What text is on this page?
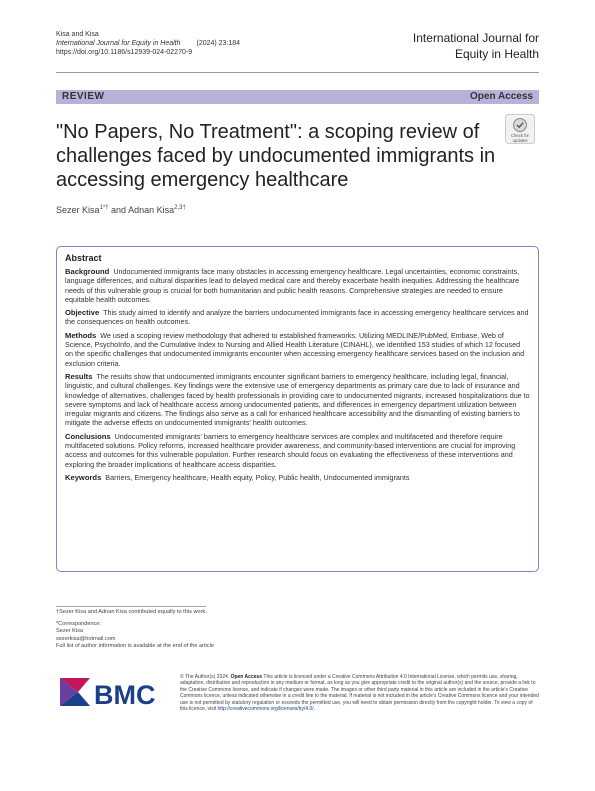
Kisa and Kisa
International Journal for Equity in Health (2024) 23:184
https://doi.org/10.1186/s12939-024-02270-9
International Journal for
Equity in Health
REVIEW	Open Access
"No Papers, No Treatment": a scoping review of challenges faced by undocumented immigrants in accessing emergency healthcare
Check for
updates
Sezer Kisa$^{1*\dagger}$ and Adnan Kisa$^{2,3\dagger}$
Abstract

Background Undocumented immigrants face many obstacles in accessing emergency healthcare. Legal uncertainties, economic constraints, language differences, and cultural disparities lead to delayed medical care and thereby exacerbate health inequities. Addressing the healthcare needs of this vulnerable group is crucial for both humanitarian and public health reasons. Comprehensive strategies are needed to ensure equitable health outcomes.

Objective This study aimed to identify and analyze the barriers undocumented immigrants face in accessing emergency healthcare services and the consequences on health outcomes.

Methods We used a scoping review methodology that adhered to established frameworks. Utilizing MEDLINE/PubMed, Embase, Web of Science, PsychoInfo, and the Cumulative Index to Nursing and Allied Health Literature (CINAHL), we identified 153 studies of which 12 focused on the specific challenges that undocumented immigrants encounter when accessing emergency healthcare services based on the inclusion and exclusion criteria.

Results The results show that undocumented immigrants encounter significant barriers to emergency healthcare, including legal, financial, linguistic, and cultural challenges. Key findings were the extensive use of emergency departments as primary care due to lack of insurance and knowledge of alternatives, challenges faced by health professionals in providing care to undocumented migrants, increased hospitalizations due to severe symptoms and lack of healthcare access among undocumented patients, and differences in emergency department utilization between irregular migrants and citizens. The findings also serve as a call for enhanced healthcare accessibility and the dismantling of existing barriers to mitigate the adverse effects on undocumented immigrants' health outcomes.

Conclusions Undocumented immigrants' barriers to emergency healthcare services are complex and multifaceted and therefore require multifaceted solutions. Policy reforms, increased healthcare provider awareness, and community-based interventions are crucial for improving access and outcomes for this vulnerable population. Further research should focus on evaluating the effectiveness of these interventions and exploring the broader implications of healthcare access disparities.

Keywords Barriers, Emergency healthcare, Health equity, Policy, Public health, Undocumented immigrants

†Sezer Kisa and Adnan Kisa contributed equally to this work.
*Correspondence:
Sezer Kisa
sezerkisa@hotmail.com
Full list of author information is available at the end of the article
BMC
© The Author(s) 2024. Open Access This article is licensed under a Creative Commons Attribution 4.0 International License, which permits use, sharing, adaptation, distribution and reproduction in any medium or format, as long as you give appropriate credit to the original author(s) and the source, provide a link to the Creative Commons licence, and indicate if changes were made. The images or other third party material in this article are included in the article's Creative Commons licence, unless indicated otherwise in a credit line to the material. If material is not included in the article's Creative Commons licence and your intended use is not permitted by statutory regulation or exceeds the permitted use, you will need to obtain permission directly from the copyright holder. To view a copy of this licence, visit http://creativecommons.org/licenses/by/4.0/.
